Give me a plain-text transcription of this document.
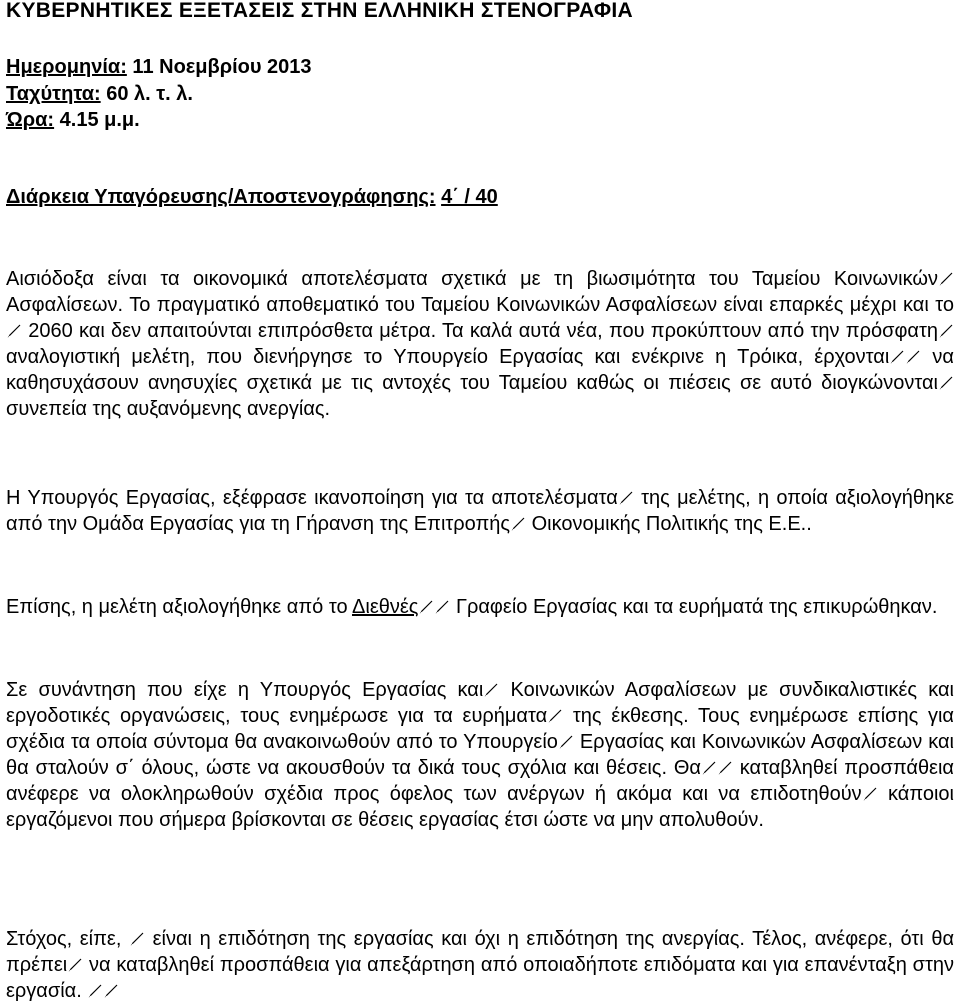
ΚΥΒΕΡΝΗΤΙΚΕΣ ΕΞΕΤΑΣΕΙΣ ΣΤΗΝ ΕΛΛΗΝΙΚΗ ΣΤΕΝΟΓΡΑΦΙΑ
Ημερομηνία: 11 Νοεμβρίου 2013
Ταχύτητα: 60 λ. τ. λ.
Ώρα: 4.15 μ.μ.
Διάρκεια Υπαγόρευσης/Αποστενογράφησης: 4΄ / 40
Αισιόδοξα είναι τα οικονομικά αποτελέσματα σχετικά με τη βιωσιμότητα του Ταμείου Κοινωνικών
Ασφαλίσεων. Το πραγματικό αποθεματικό του Ταμείου Κοινωνικών Ασφαλίσεων είναι επαρκές μέχρι και το
2060 και δεν απαιτούνται επιπρόσθετα μέτρα. Τα καλά αυτά νέα, που προκύπτουν από την πρόσφατη
αναλογιστική μελέτη, που διενήργησε το Υπουργείο Εργασίας και ενέκρινε η Τρόικα, έρχονται
να καθησυχάσουν ανησυχίες σχετικά με τις αντοχές του Ταμείου καθώς οι πιέσεις σε αυτό διογκώνονται
συνεπεία της αυξανόμενης ανεργίας.
Η Υπουργός Εργασίας, εξέφρασε ικανοποίηση για τα αποτελέσματα
της μελέτης, η οποία αξιολογήθηκε από την Ομάδα Εργασίας για τη Γήρανση της Επιτροπής
Οικονομικής Πολιτικής της Ε.Ε..
Επίσης, η μελέτη αξιολογήθηκε από το Διεθνές
Γραφείο Εργασίας και τα ευρήματά της επικυρώθηκαν.
Σε συνάντηση που είχε η Υπουργός Εργασίας και
Κοινωνικών Ασφαλίσεων με συνδικαλιστικές και εργοδοτικές οργανώσεις, τους ενημέρωσε για τα ευρήματα
της έκθεσης. Τους ενημέρωσε επίσης για σχέδια τα οποία σύντομα θα ανακοινωθούν από το Υπουργείο
Εργασίας και Κοινωνικών Ασφαλίσεων και θα σταλούν σ΄ όλους, ώστε να ακουσθούν τα δικά τους σχόλια και θέσεις. Θα
καταβληθεί προσπάθεια ανέφερε να ολοκληρωθούν σχέδια προς όφελος των ανέργων ή ακόμα και να επιδοτηθούν
κάποιοι εργαζόμενοι που σήμερα βρίσκονται σε θέσεις εργασίας έτσι ώστε να μην απολυθούν.
Στόχος, είπε,
είναι η επιδότηση της εργασίας και όχι η επιδότηση της ανεργίας. Τέλος, ανέφερε, ότι θα πρέπει
να καταβληθεί προσπάθεια για απεξάρτηση από οποιαδήποτε επιδόματα και για επανένταξη στην εργασία.
